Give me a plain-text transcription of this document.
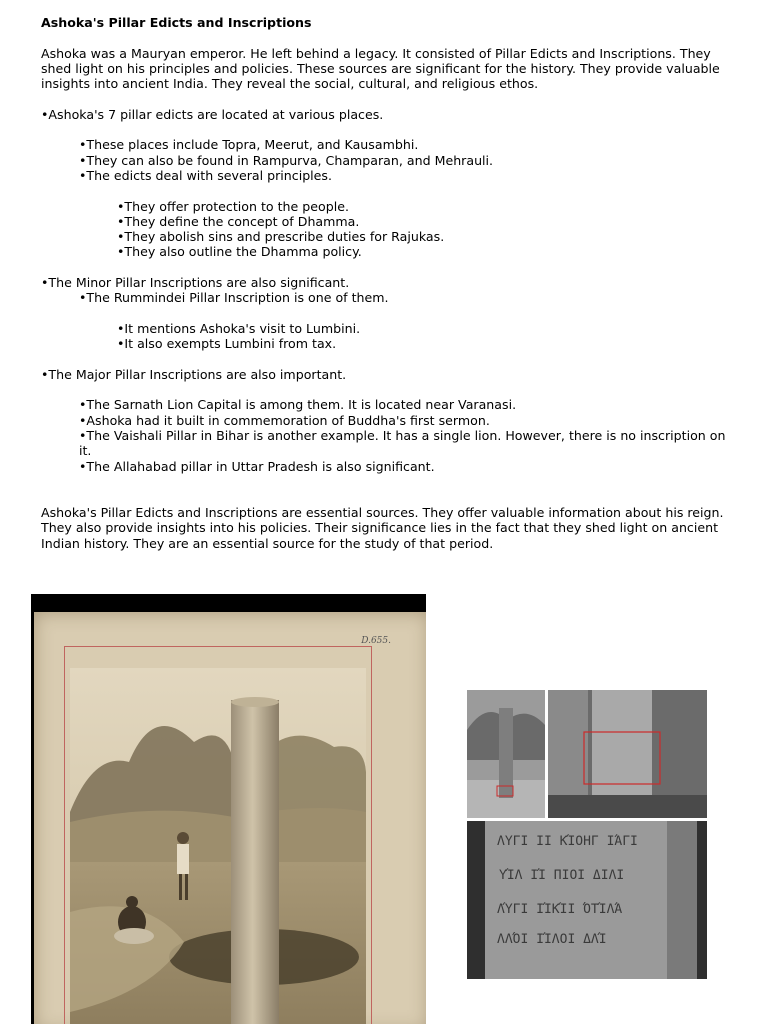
Ashoka's Pillar Edicts and Inscriptions

Ashoka was a Mauryan emperor. He left behind a legacy. It consisted of Pillar Edicts and Inscriptions. They shed light on his principles and policies. These sources are significant for the history. They provide valuable insights into ancient India. They reveal the social, cultural, and religious ethos.

•Ashoka's 7 pillar edicts are located at various places.
•These places include Topra, Meerut, and Kausambhi.
•They can also be found in Rampurva, Champaran, and Mehrauli.
•The edicts deal with several principles.
•They offer protection to the people.
•They define the concept of Dhamma.
•They abolish sins and prescribe duties for Rajukas.
•They also outline the Dhamma policy.
•The Minor Pillar Inscriptions are also significant.
•The Rummindei Pillar Inscription is one of them.
•It mentions Ashoka's visit to Lumbini.
•It also exempts Lumbini from tax.
•The Major Pillar Inscriptions are also important.
•The Sarnath Lion Capital is among them. It is located near Varanasi.
•Ashoka had it built in commemoration of Buddha's first sermon.
•The Vaishali Pillar in Bihar is another example. It has a single lion. However, there is no inscription on it.
•The Allahabad pillar in Uttar Pradesh is also significant.

Ashoka's Pillar Edicts and Inscriptions are essential sources. They offer valuable information about his reign. They also provide insights into his policies. Their significance lies in the fact that they shed light on ancient Indian history. They are an essential source for the study of that period.

D.655.
ΛΥΓΙ ΙΙ ΚΊΟΗΓ ΙΆΓΙ
ΥΊΛ ΙΊ ΠΙΟΙ ΔΙΛΙ
ΛΎΓΙ ΙΊΚΊΙ ΌΤΊΛΆ
ΛΛΌΙ ΙΊΛΟΙ ΔΛΊ
